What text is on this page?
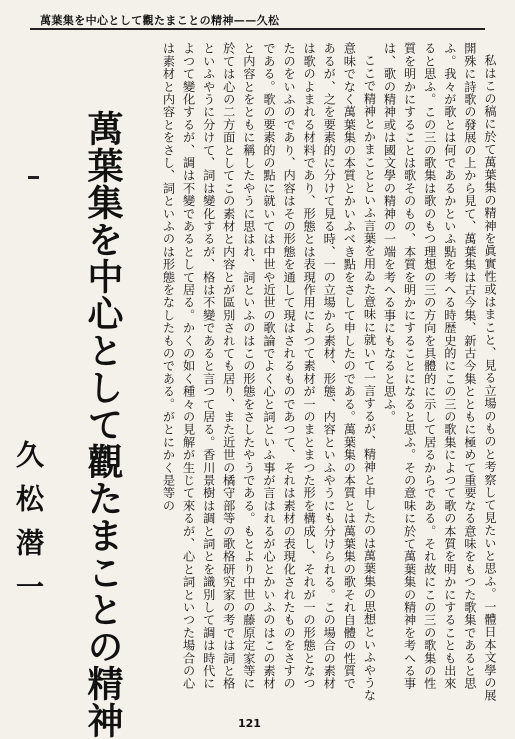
萬葉集を中心として觀たまことの精神——久松

私はこの稿に於て萬葉集の精神を眞實性或はまこと、見る立場のものと考察して見たいと思ふ。一體日本文學の展開殊に詩歌の發展の上から見て、萬葉集は古今集、新古今集とともに極めて重要なる意味をもつた歌集であると思ふ。我々が歌とは何であるかといふ點を考へる時歴史的にこの三の歌集によつて歌の本質を明かにすることも出來ると思ふ。この三の歌集は歌のもつ理想の三の方向を具體的に示して居るからである。それ故にこの三の歌集の性質を明かにすることは歌そのもの、本質を明かにすることになると思ふ。その意味に於て萬葉集の精神を考へる事は、歌の精神或は國文學の精神の一端を考へる事にもなると思ふ。

ここで精神とかまことといふ言葉を用ゐた意味に就いて一言するが、精神と申したのは萬葉集の思想といふやうな意味でなく萬葉集の本質とかいふべき點をさして申したのである。萬葉集の本質とは萬葉集の歌それ自體の性質であるが、之を要素的に分けて見る時、一の立場から素材、形態、内容といふやうにも分けられる。この場合の素材は歌のよまれる材料であり、形態とは表現作用によつて素材が一のまとまつた形を構成し、それが一の形態となつたのをいふのであり、内容はその形態を通して現はされるものであつて、それは素材の表現化されたものをさすのである。歌の要素的の點に就いては中世や近世の歌論でよく心と詞といふ事が言はれるが心とかいふのはこの素材と内容とをともに稱したやうに思はれ、詞といふのはこの形態をさしたやうである。もとより中世の藤原定家等に於ては心の二方面としてこの素材と内容とが區別されても居り、また近世の橘守部等の歌格研究家の考では詞と格といふやうに分けて、詞は變化するが、格は不變であると言つて居る。香川景樹は調と詞とを識別して調は時代によつて變化するが、調は不變であるとして居る。かくの如く種々の見解が生じて來るが、心と詞といつた場合の心は素材と内容とをさし、詞といふのは形態をなしたものである。がとにかく是等の

萬葉集を中心として觀たまことの精神
久松潜一
121
